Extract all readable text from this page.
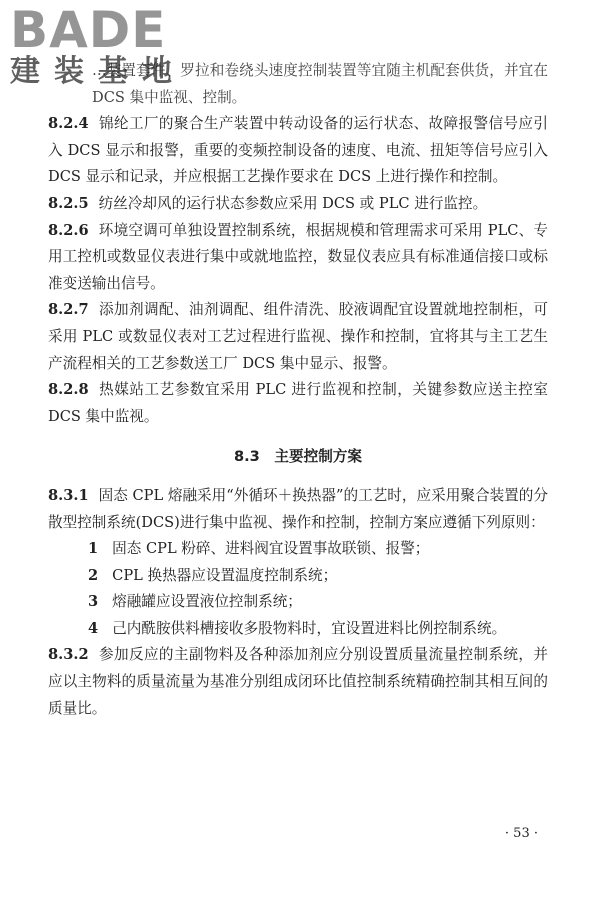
BADE
建装基地

…装置套件、罗拉和卷绕头速度控制装置等宜随主机配套供货，并宜在 DCS 集中监视、控制。

8.2.4 锦纶工厂的聚合生产装置中转动设备的运行状态、故障报警信号应引入 DCS 显示和报警，重要的变频控制设备的速度、电流、扭矩等信号应引入 DCS 显示和记录，并应根据工艺操作要求在 DCS 上进行操作和控制。

8.2.5 纺丝冷却风的运行状态参数应采用 DCS 或 PLC 进行监控。

8.2.6 环境空调可单独设置控制系统，根据规模和管理需求可采用 PLC、专用工控机或数显仪表进行集中或就地监控，数显仪表应具有标准通信接口或标准变送输出信号。

8.2.7 添加剂调配、油剂调配、组件清洗、胶液调配宜设置就地控制柜，可采用 PLC 或数显仪表对工艺过程进行监视、操作和控制，宜将其与主工艺生产流程相关的工艺参数送工厂 DCS 集中显示、报警。

8.2.8 热媒站工艺参数宜采用 PLC 进行监视和控制，关键参数应送主控室 DCS 集中监视。

8.3　主要控制方案

8.3.1 固态 CPL 熔融采用“外循环＋换热器”的工艺时，应采用聚合装置的分散型控制系统(DCS)进行集中监视、操作和控制，控制方案应遵循下列原则：

1 固态 CPL 粉碎、进料阀宜设置事故联锁、报警；

2 CPL 换热器应设置温度控制系统；

3 熔融罐应设置液位控制系统；

4 己内酰胺供料槽接收多股物料时，宜设置进料比例控制系统。

8.3.2 参加反应的主副物料及各种添加剂应分别设置质量流量控制系统，并应以主物料的质量流量为基准分别组成闭环比值控制系统精确控制其相互间的质量比。

· 53 ·
